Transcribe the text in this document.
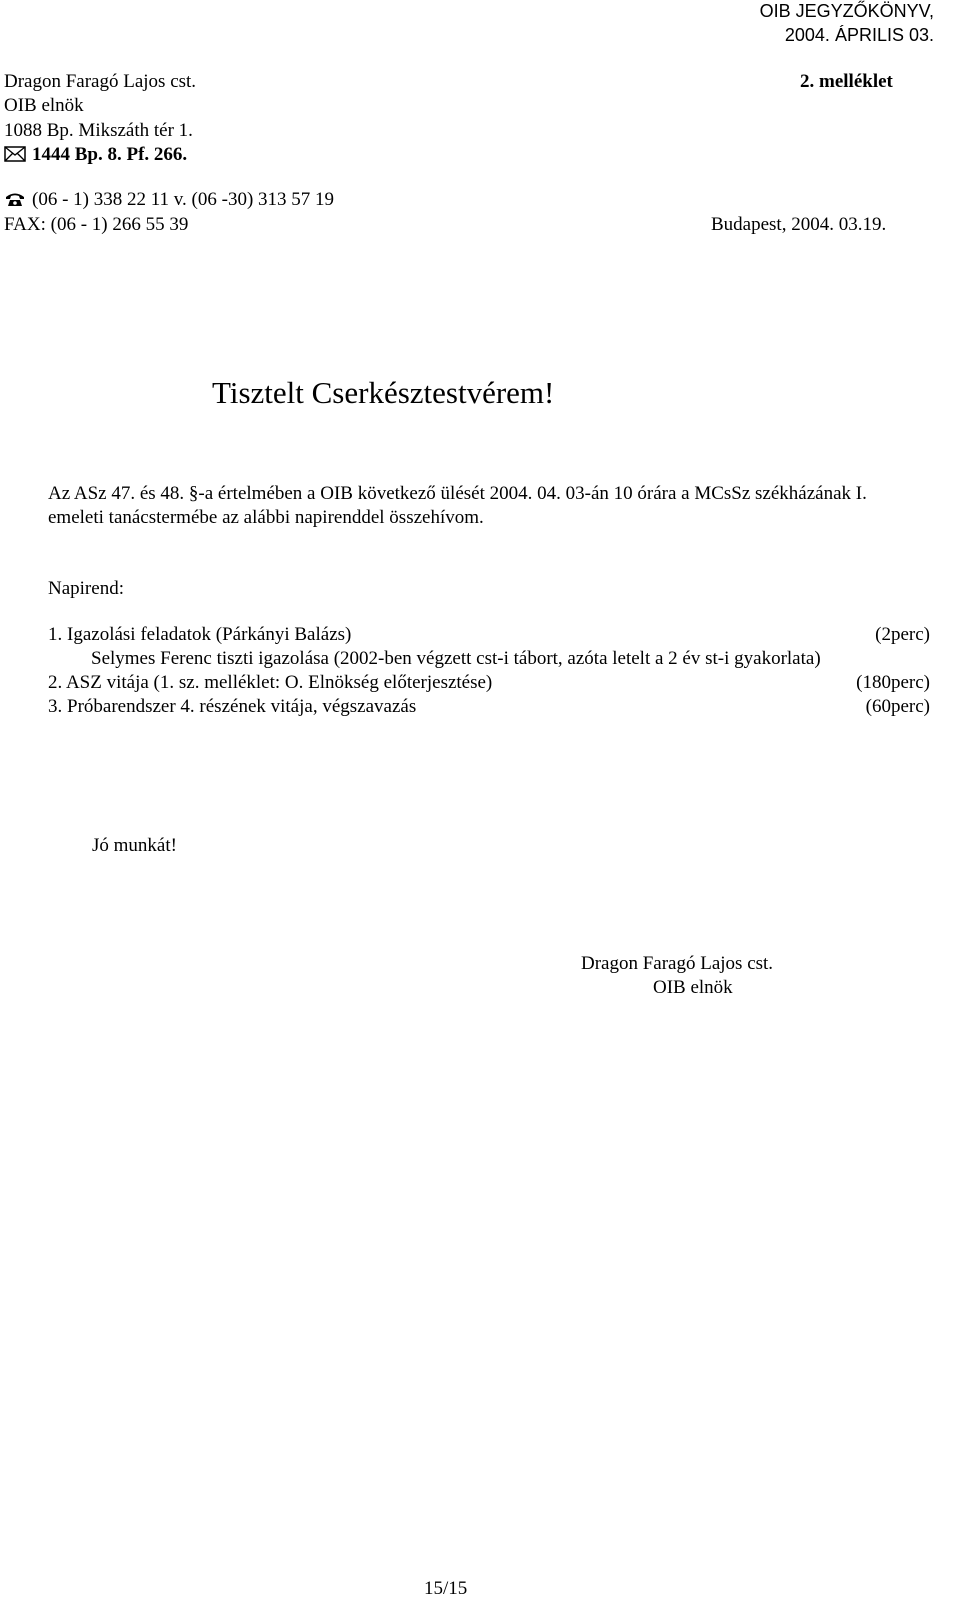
OIB JEGYZŐKÖNYV,
2004. ÁPRILIS 03.
Dragon Faragó Lajos cst.
OIB elnök
1088 Bp. Mikszáth tér 1.
1444 Bp. 8. Pf. 266.
(06 - 1) 338 22 11 v. (06 -30) 313 57 19
FAX: (06 - 1) 266 55 39
2. melléklet
Budapest, 2004. 03.19.
Tisztelt Cserkésztestvérem!
Az ASz 47. és 48. §-a értelmében a OIB következő ülését 2004. 04. 03-án 10 órára a MCsSz székházának I.
emeleti tanácstermébe az alábbi napirenddel összehívom.
Napirend:
1. Igazolási feladatok (Párkányi Balázs)	(2perc)
Selymes Ferenc tiszti igazolása (2002-ben végzett cst-i tábort, azóta letelt a 2 év st-i gyakorlata)
2. ASZ vitája (1. sz. melléklet: O. Elnökség előterjesztése)	(180perc)
3. Próbarendszer 4. részének vitája, végszavazás	(60perc)
Jó munkát!
Dragon Faragó Lajos cst.
OIB elnök
15/15
